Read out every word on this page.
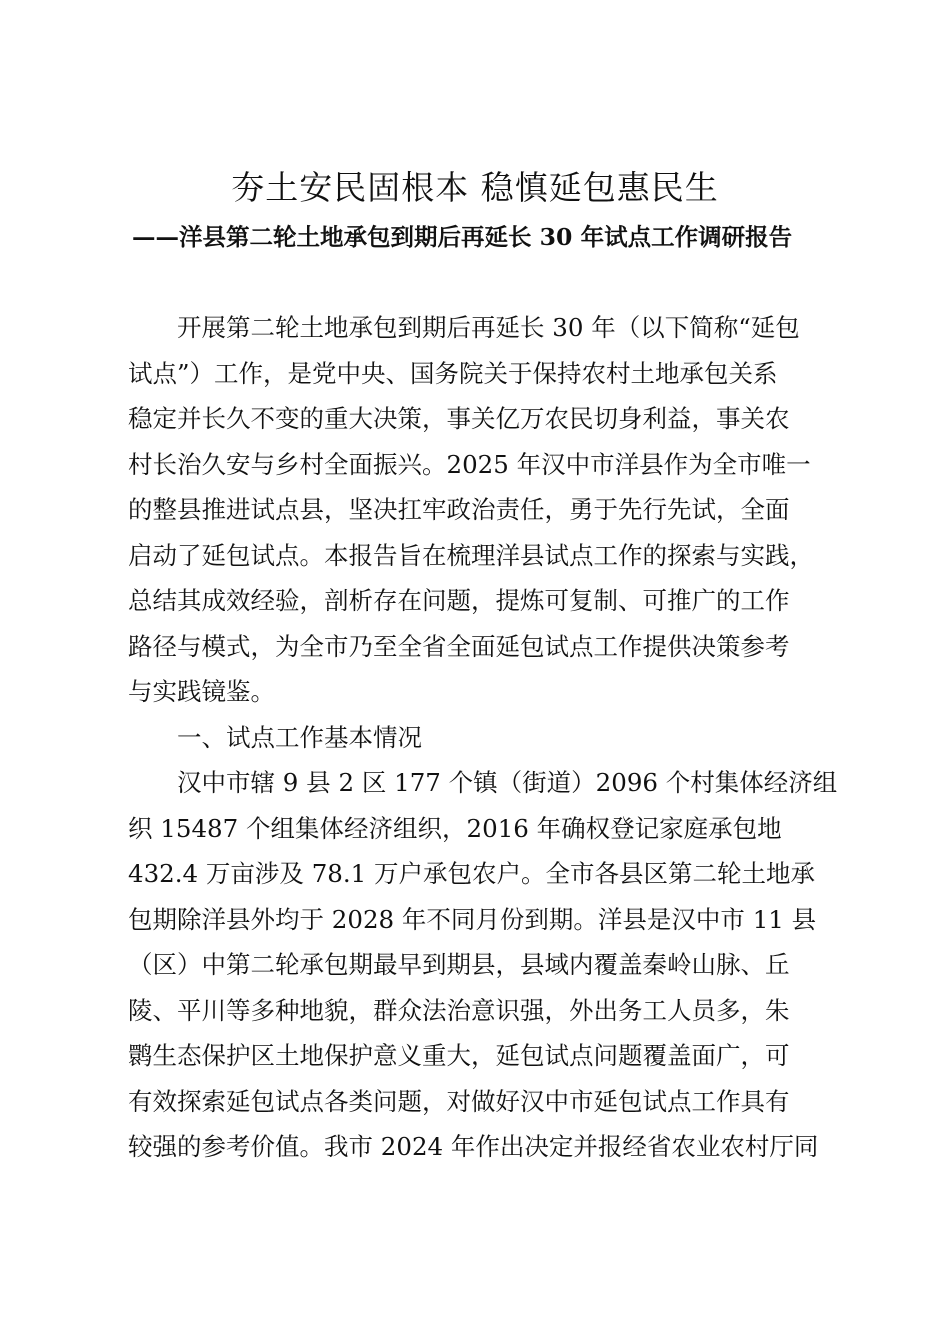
夯土安民固根本 稳慎延包惠民生
——洋县第二轮土地承包到期后再延长 30 年试点工作调研报告
开展第二轮土地承包到期后再延长 30 年（以下简称“延包
试点”）工作，是党中央、国务院关于保持农村土地承包关系
稳定并长久不变的重大决策，事关亿万农民切身利益，事关农
村长治久安与乡村全面振兴。2025 年汉中市洋县作为全市唯一
的整县推进试点县，坚决扛牢政治责任，勇于先行先试，全面
启动了延包试点。本报告旨在梳理洋县试点工作的探索与实践，
总结其成效经验，剖析存在问题，提炼可复制、可推广的工作
路径与模式，为全市乃至全省全面延包试点工作提供决策参考
与实践镜鉴。
一、试点工作基本情况
汉中市辖 9 县 2 区 177 个镇（街道）2096 个村集体经济组
织 15487 个组集体经济组织，2016 年确权登记家庭承包地
432.4 万亩涉及 78.1 万户承包农户。全市各县区第二轮土地承
包期除洋县外均于 2028 年不同月份到期。洋县是汉中市 11 县
（区）中第二轮承包期最早到期县，县域内覆盖秦岭山脉、丘
陵、平川等多种地貌，群众法治意识强，外出务工人员多，朱
鹮生态保护区土地保护意义重大，延包试点问题覆盖面广，可
有效探索延包试点各类问题，对做好汉中市延包试点工作具有
较强的参考价值。我市 2024 年作出决定并报经省农业农村厅同
